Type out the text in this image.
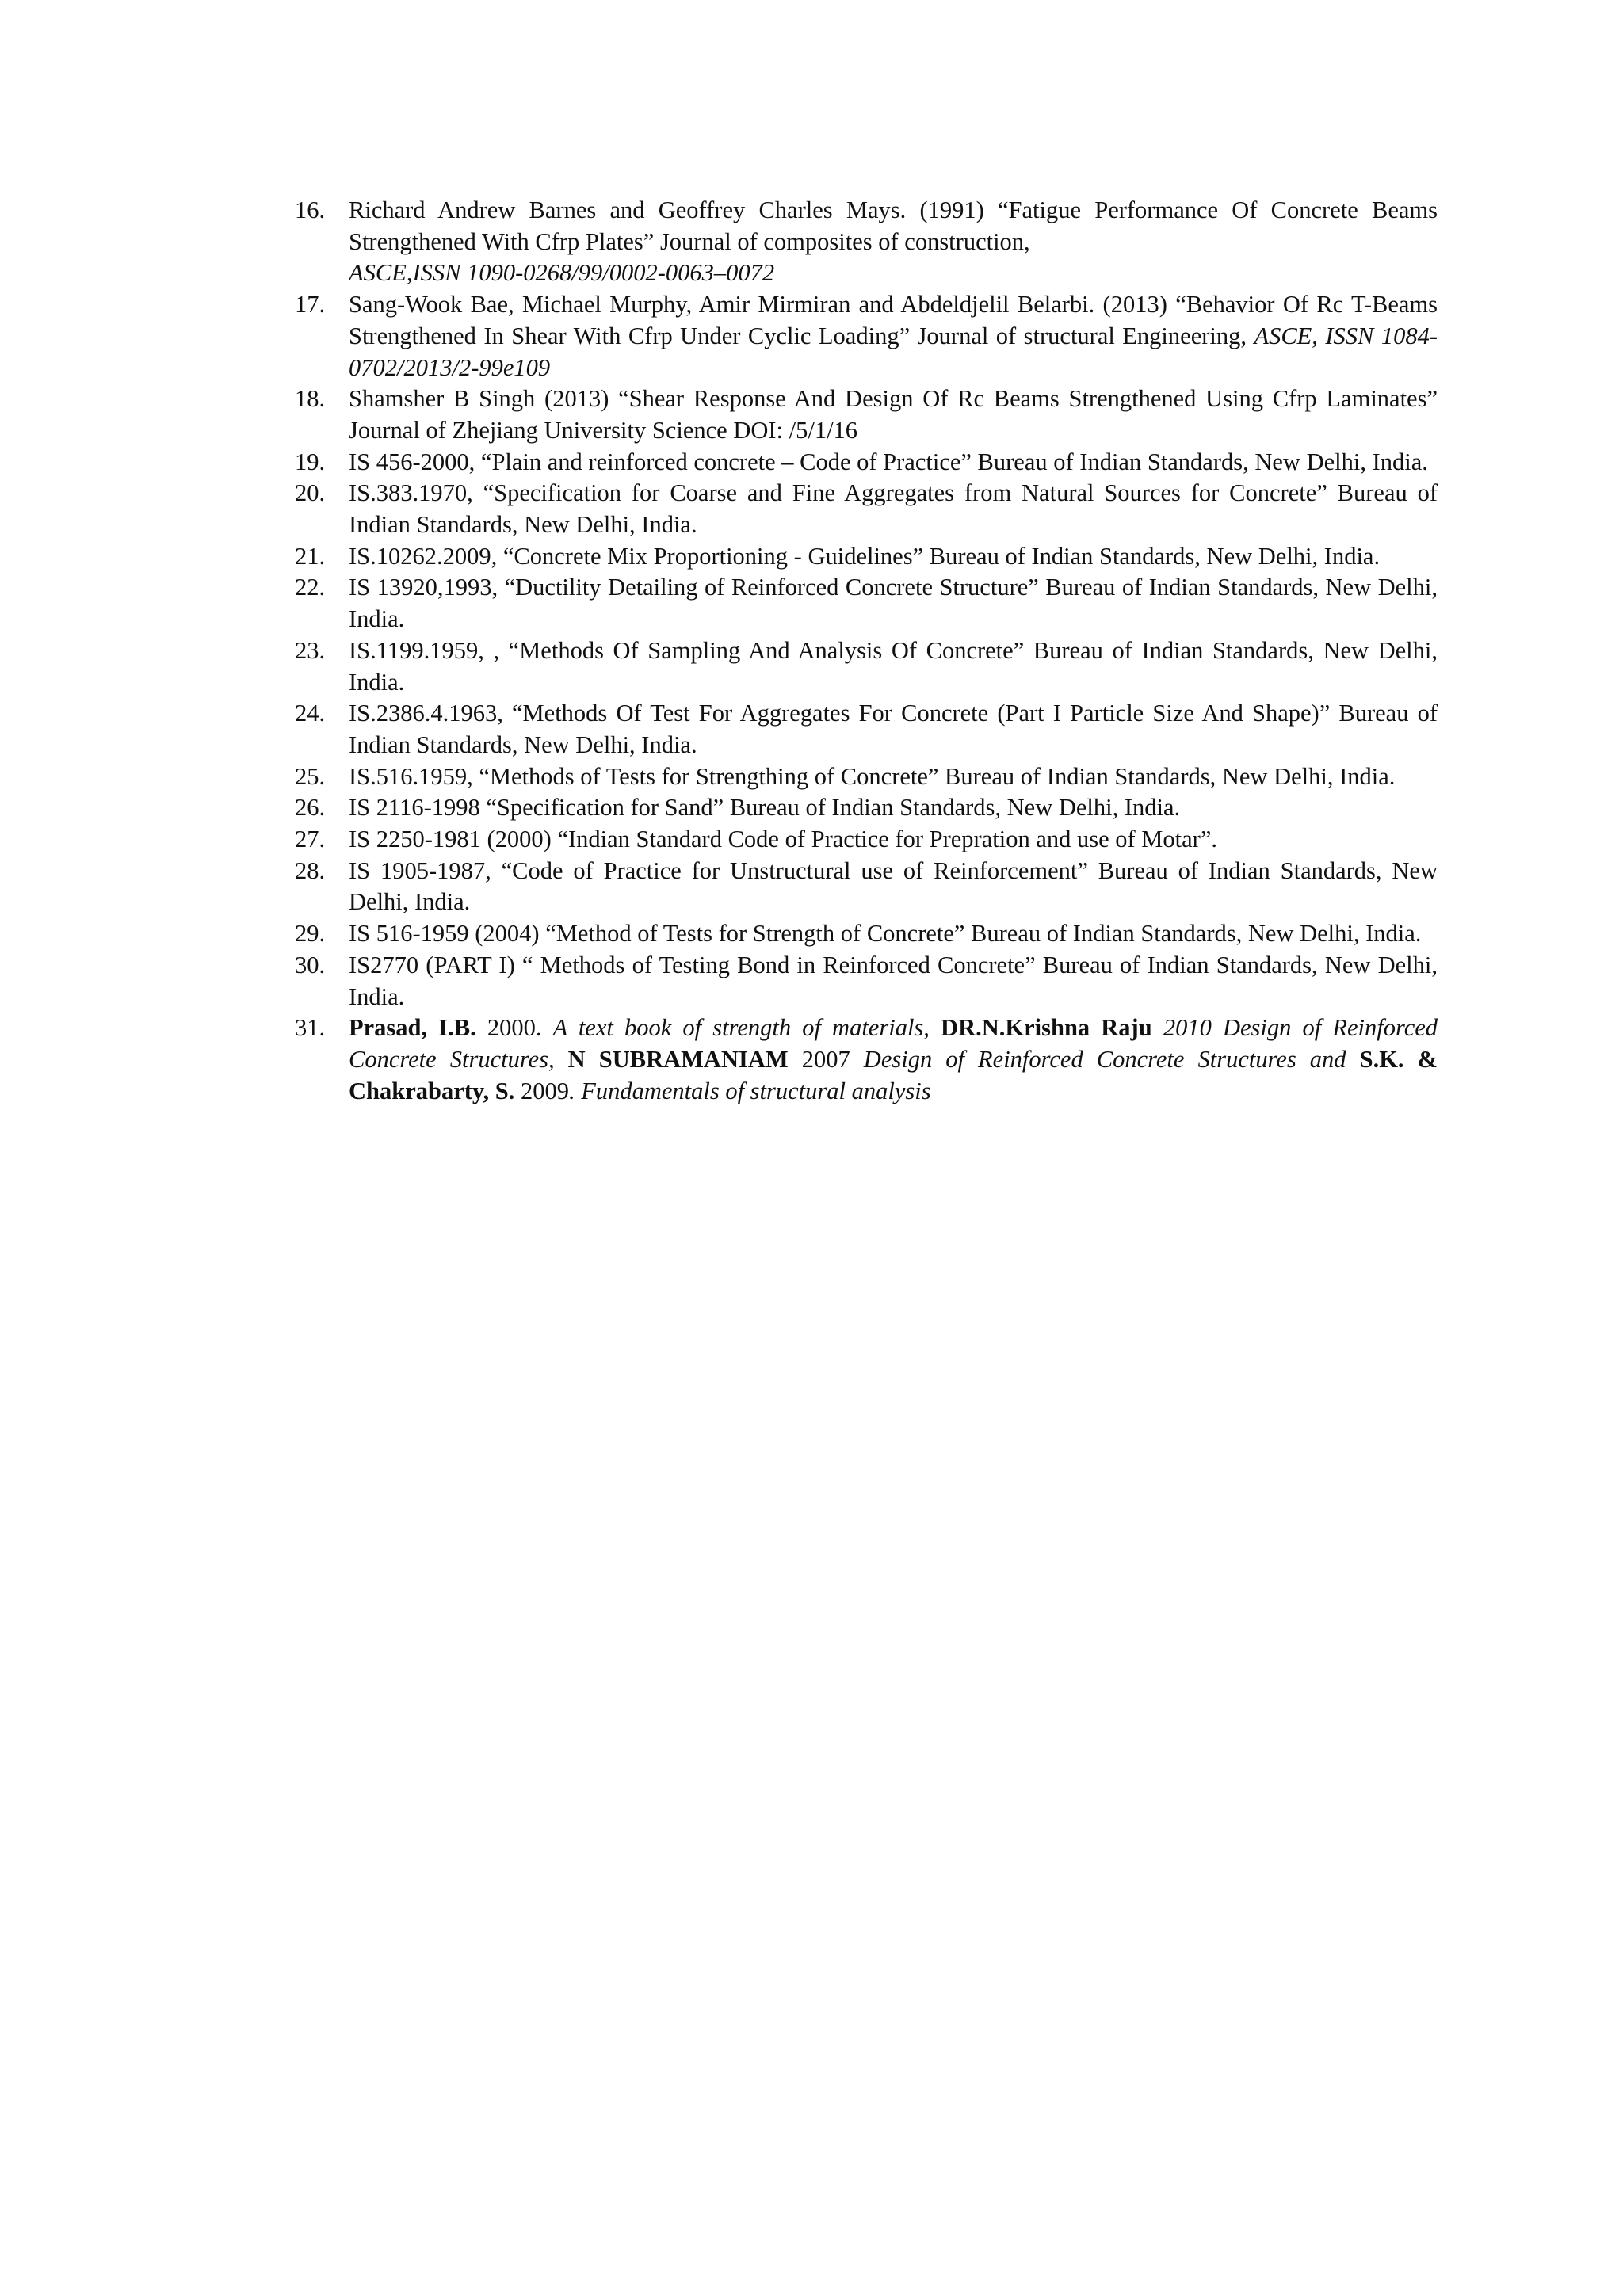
16. Richard Andrew Barnes and Geoffrey Charles Mays. (1991) “Fatigue Performance Of Concrete Beams Strengthened With Cfrp Plates” Journal of composites of construction,
ASCE,ISSN 1090-0268/99/0002-0063–0072
17. Sang-Wook Bae, Michael Murphy, Amir Mirmiran and Abdeldjelil Belarbi. (2013) “Behavior Of Rc T-Beams Strengthened In Shear With Cfrp Under Cyclic Loading” Journal of structural Engineering, ASCE, ISSN 1084-0702/2013/2-99e109
18. Shamsher B Singh (2013) “Shear Response And Design Of Rc Beams Strengthened Using Cfrp Laminates” Journal of Zhejiang University Science DOI: /5/1/16
19. IS 456-2000, “Plain and reinforced concrete – Code of Practice” Bureau of Indian Standards, New Delhi, India.
20. IS.383.1970, “Specification for Coarse and Fine Aggregates from Natural Sources for Concrete” Bureau of Indian Standards, New Delhi, India.
21. IS.10262.2009, “Concrete Mix Proportioning - Guidelines” Bureau of Indian Standards, New Delhi, India.
22. IS 13920,1993, “Ductility Detailing of Reinforced Concrete Structure” Bureau of Indian Standards, New Delhi, India.
23. IS.1199.1959, , “Methods Of Sampling And Analysis Of Concrete” Bureau of Indian Standards, New Delhi, India.
24. IS.2386.4.1963, “Methods Of Test For Aggregates For Concrete (Part I Particle Size And Shape)” Bureau of Indian Standards, New Delhi, India.
25. IS.516.1959, “Methods of Tests for Strengthing of Concrete” Bureau of Indian Standards, New Delhi, India.
26. IS 2116-1998 “Specification for Sand” Bureau of Indian Standards, New Delhi, India.
27. IS 2250-1981 (2000) “Indian Standard Code of Practice for Prepration and use of Motar”.
28. IS 1905-1987, “Code of Practice for Unstructural use of Reinforcement” Bureau of Indian Standards, New Delhi, India.
29. IS 516-1959 (2004) “Method of Tests for Strength of Concrete” Bureau of Indian Standards, New Delhi, India.
30. IS2770 (PART I) “ Methods of Testing Bond in Reinforced Concrete” Bureau of Indian Standards, New Delhi, India.
31. Prasad, I.B. 2000. A text book of strength of materials, DR.N.Krishna Raju 2010 Design of Reinforced Concrete Structures, N SUBRAMANIAM 2007 Design of Reinforced Concrete Structures and S.K. & Chakrabarty, S. 2009. Fundamentals of structural analysis
